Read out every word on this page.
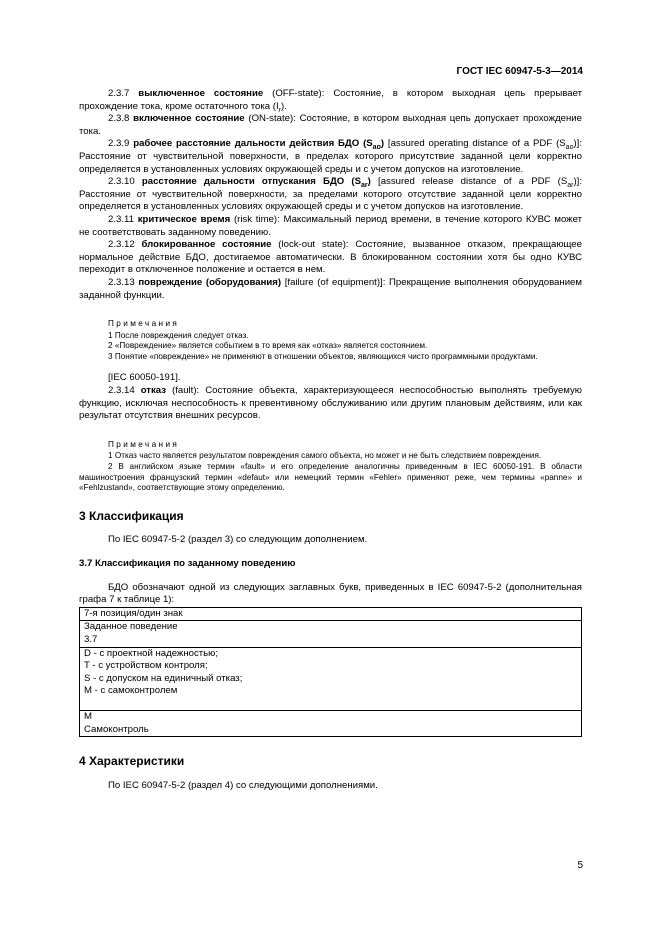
ГОСТ IEC 60947-5-3—2014

2.3.7 выключенное состояние (OFF-state): Состояние, в котором выходная цепь прерывает прохождение тока, кроме остаточного тока $(I_r)$.

2.3.8 включенное состояние (ON-state): Состояние, в котором выходная цепь допускает прохождение тока.

2.3.9 рабочее расстояние дальности действия БДО $(S_{ao})$ [assured operating distance of a PDF $(S_{ao})$]: Расстояние от чувствительной поверхности, в пределах которого присутствие заданной цели корректно определяется в установленных условиях окружающей среды и с учетом допусков на изготовление.

2.3.10 расстояние дальности отпускания БДО $(S_{ar})$ [assured release distance of a PDF $(S_{ar})$]: Расстояние от чувствительной поверхности, за пределами которого отсутствие заданной цели корректно определяется в установленных условиях окружающей среды и с учетом допусков на изготовление.

2.3.11 критическое время (risk time): Максимальный период времени, в течение которого КУВС может не соответствовать заданному поведению.

2.3.12 блокированное состояние (lock-out state): Состояние, вызванное отказом, прекращающее нормальное действие БДО, достигаемое автоматически. В блокированном состоянии хотя бы одно КУВС переходит в отключенное положение и остается в нем.

2.3.13 повреждение (оборудования) [failure (of equipment)]: Прекращение выполнения оборудованием заданной функции.

Примечания

1 После повреждения следует отказ.

2 «Повреждение» является событием в то время как «отказ» является состоянием.

3 Понятие «повреждение» не применяют в отношении объектов, являющихся чисто программными продуктами.

[IEC 60050-191].

2.3.14 отказ (fault): Состояние объекта, характеризующееся неспособностью выполнять требуемую функцию, исключая неспособность к превентивному обслуживанию или другим плановым действиям, или как результат отсутствия внешних ресурсов.

Примечания

1 Отказ часто является результатом повреждения самого объекта, но может и не быть следствием повреждения.

2 В английском языке термин «fault» и его определение аналогичны приведенным в IEC 60050-191. В области машиностроения французский термин «defaut» или немецкий термин «Fehler» применяют реже, чем термины «panne» и «Fehlzustand», соответствующие этому определению.

3 Классификация

По IEC 60947-5-2 (раздел 3) со следующим дополнением.

3.7 Классификация по заданному поведению

БДО обозначают одной из следующих заглавных букв, приведенных в IEC 60947-5-2 (дополнительная графа 7 к таблице 1):

7-я позиция/один знак

Заданное поведение
3.7

D - с проектной надежностью;
T - с устройством контроля;
S - с допуском на единичный отказ;
M - с самоконтролем

M
Самоконтроль

4 Характеристики

По IEC 60947-5-2 (раздел 4) со следующими дополнениями.

5
